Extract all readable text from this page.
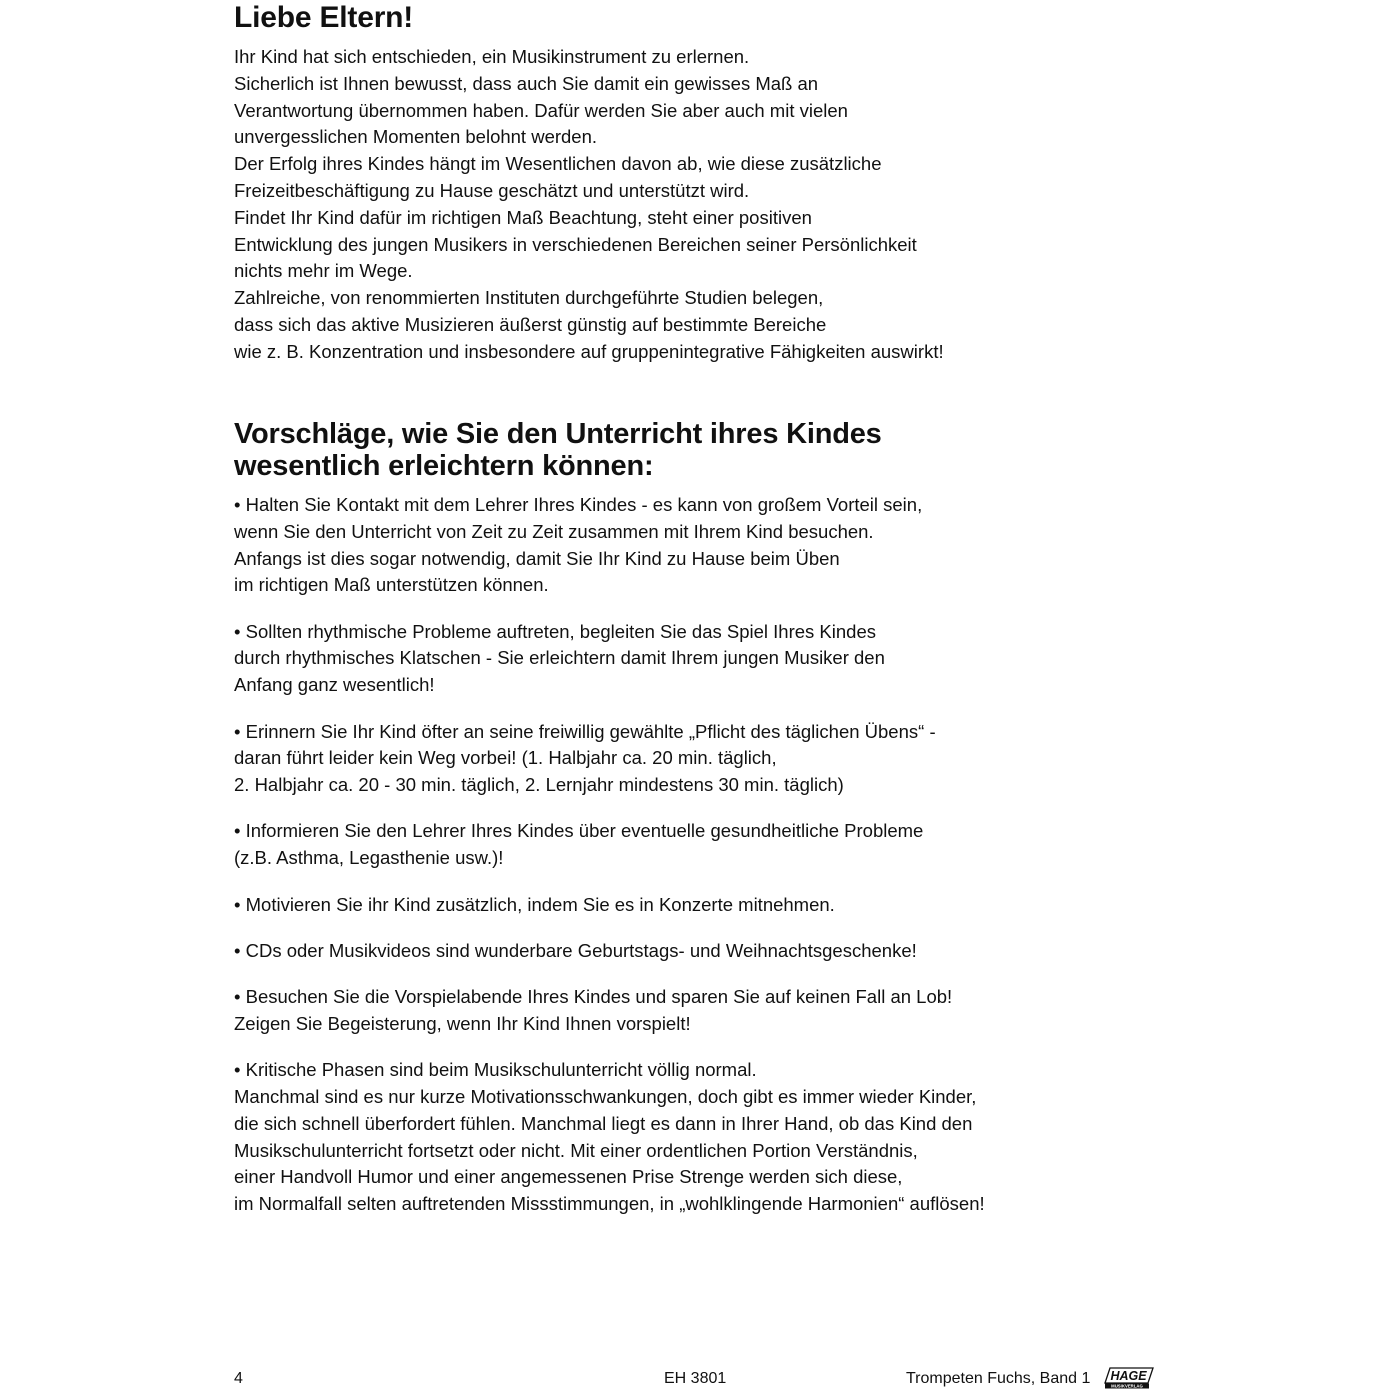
Liebe Eltern!
Ihr Kind hat sich entschieden, ein Musikinstrument zu erlernen.
Sicherlich ist Ihnen bewusst, dass auch Sie damit ein gewisses Maß an
Verantwortung übernommen haben. Dafür werden Sie aber auch mit vielen
unvergesslichen Momenten belohnt werden.
Der Erfolg ihres Kindes hängt im Wesentlichen davon ab, wie diese zusätzliche
Freizeitbeschäftigung zu Hause geschätzt und unterstützt wird.
Findet Ihr Kind dafür im richtigen Maß Beachtung, steht einer positiven
Entwicklung des jungen Musikers in verschiedenen Bereichen seiner Persönlichkeit
nichts mehr im Wege.
Zahlreiche, von renommierten Instituten durchgeführte Studien belegen,
dass sich das aktive Musizieren äußerst günstig auf bestimmte Bereiche
wie z. B. Konzentration und insbesondere auf gruppenintegrative Fähigkeiten auswirkt!
Vorschläge, wie Sie den Unterricht ihres Kindes
wesentlich erleichtern können:
• Halten Sie Kontakt mit dem Lehrer Ihres Kindes - es kann von großem Vorteil sein,
wenn Sie den Unterricht von Zeit zu Zeit zusammen mit Ihrem Kind besuchen.
Anfangs ist dies sogar notwendig, damit Sie Ihr Kind zu Hause beim Üben
im richtigen Maß unterstützen können.
• Sollten rhythmische Probleme auftreten, begleiten Sie das Spiel Ihres Kindes
durch rhythmisches Klatschen - Sie erleichtern damit Ihrem jungen Musiker den
Anfang ganz wesentlich!
• Erinnern Sie Ihr Kind öfter an seine freiwillig gewählte „Pflicht des täglichen Übens“ -
daran führt leider kein Weg vorbei! (1. Halbjahr ca. 20 min. täglich,
2. Halbjahr ca. 20 - 30 min. täglich, 2. Lernjahr mindestens 30 min. täglich)
• Informieren Sie den Lehrer Ihres Kindes über eventuelle gesundheitliche Probleme
(z.B. Asthma, Legasthenie usw.)!
• Motivieren Sie ihr Kind zusätzlich, indem Sie es in Konzerte mitnehmen.
• CDs oder Musikvideos sind wunderbare Geburtstags- und Weihnachtsgeschenke!
• Besuchen Sie die Vorspielabende Ihres Kindes und sparen Sie auf keinen Fall an Lob!
Zeigen Sie Begeisterung, wenn Ihr Kind Ihnen vorspielt!
• Kritische Phasen sind beim Musikschulunterricht völlig normal.
Manchmal sind es nur kurze Motivationsschwankungen, doch gibt es immer wieder Kinder,
die sich schnell überfordert fühlen. Manchmal liegt es dann in Ihrer Hand, ob das Kind den
Musikschulunterricht fortsetzt oder nicht. Mit einer ordentlichen Portion Verständnis,
einer Handvoll Humor und einer angemessenen Prise Strenge werden sich diese,
im Normalfall selten auftretenden Missstimmungen, in „wohlklingende Harmonien“ auflösen!
4	EH 3801	Trompeten Fuchs, Band 1 HAGE
MUSIKVERLAG
